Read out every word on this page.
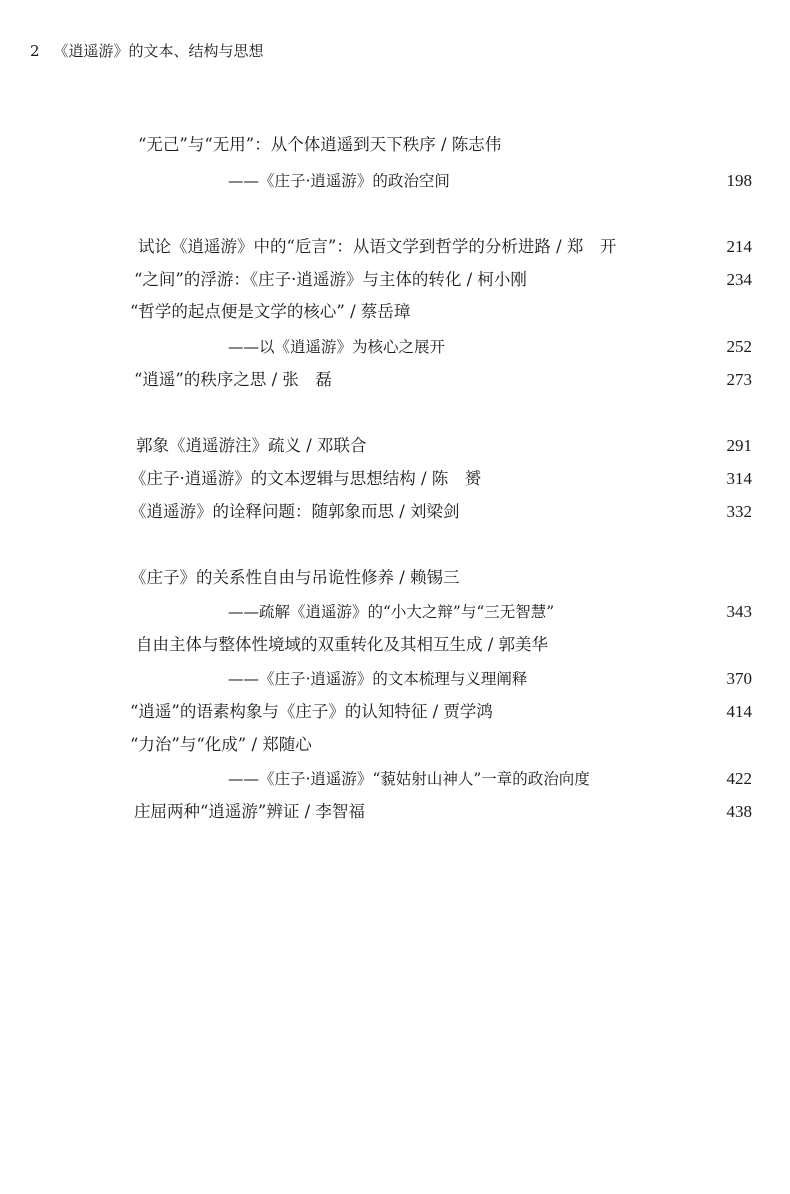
2 《逍遥游》的文本、结构与思想
“无己”与“无用”：从个体逍遥到天下秩序 / 陈志伟
——《庄子·逍遥游》的政治空间	198
试论《逍遥游》中的“卮言”：从语文学到哲学的分析进路 / 郑　开	214
“之间”的浮游：《庄子·逍遥游》与主体的转化 / 柯小刚	234
“哲学的起点便是文学的核心” / 蔡岳璋
——以《逍遥游》为核心之展开	252
“逍遥”的秩序之思 / 张　磊	273
郭象《逍遥游注》疏义 / 邓联合	291
《庄子·逍遥游》的文本逻辑与思想结构 / 陈　赟	314
《逍遥游》的诠释问题：随郭象而思 / 刘梁剑	332
《庄子》的关系性自由与吊诡性修养 / 赖锡三
——疏解《逍遥游》的“小大之辩”与“三无智慧”	343
自由主体与整体性境域的双重转化及其相互生成 / 郭美华
——《庄子·逍遥游》的文本梳理与义理阐释	370
“逍遥”的语素构象与《庄子》的认知特征 / 贾学鸿	414
“力治”与“化成” / 郑随心
——《庄子·逍遥游》“藐姑射山神人”一章的政治向度	422
庄屈两种“逍遥游”辨证 / 李智福	438
